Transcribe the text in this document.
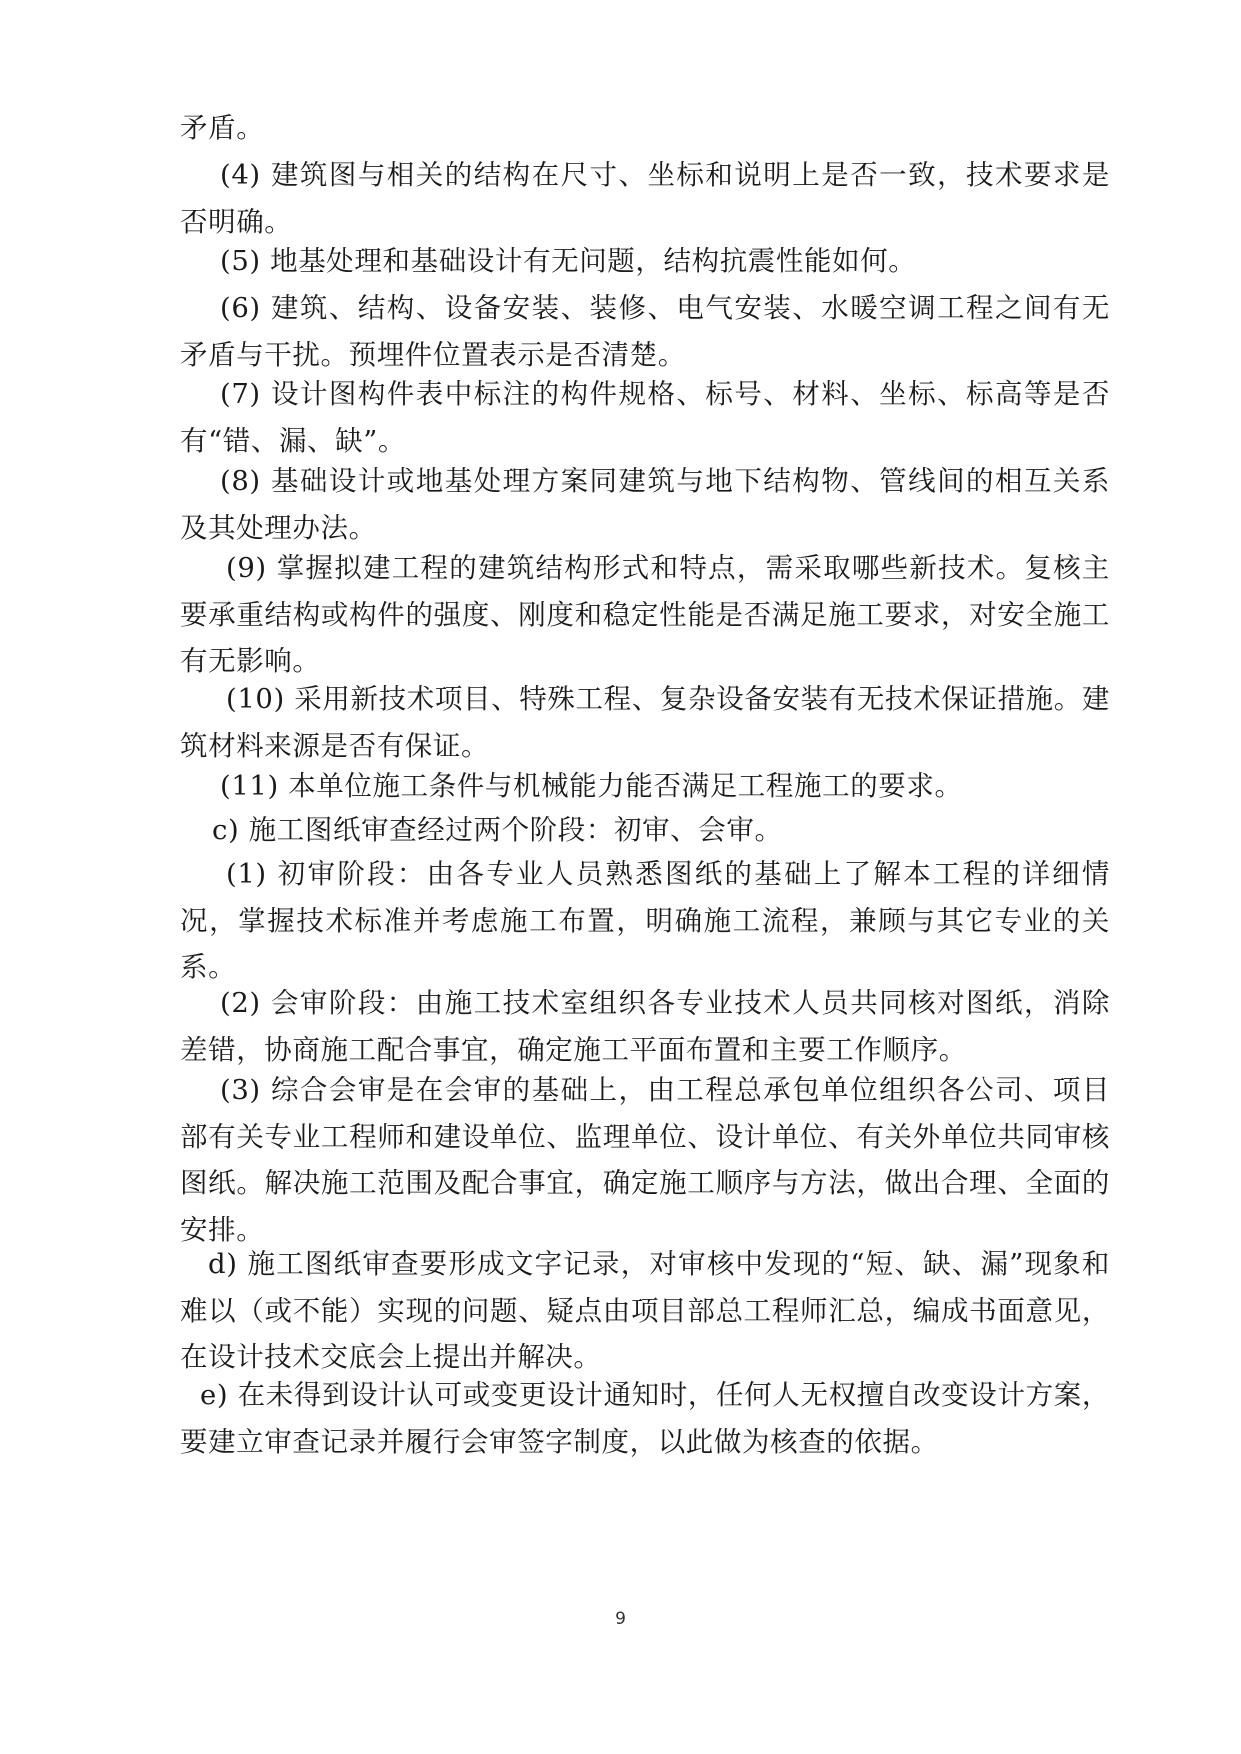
矛盾。

(4) 建筑图与相关的结构在尺寸、坐标和说明上是否一致，技术要求是否明确。

(5) 地基处理和基础设计有无问题，结构抗震性能如何。

(6) 建筑、结构、设备安装、装修、电气安装、水暖空调工程之间有无矛盾与干扰。预埋件位置表示是否清楚。

(7) 设计图构件表中标注的构件规格、标号、材料、坐标、标高等是否有“错、漏、缺”。

(8) 基础设计或地基处理方案同建筑与地下结构物、管线间的相互关系及其处理办法。

(9) 掌握拟建工程的建筑结构形式和特点，需采取哪些新技术。复核主要承重结构或构件的强度、刚度和稳定性能是否满足施工要求，对安全施工有无影响。

(10) 采用新技术项目、特殊工程、复杂设备安装有无技术保证措施。建筑材料来源是否有保证。

(11) 本单位施工条件与机械能力能否满足工程施工的要求。

c) 施工图纸审查经过两个阶段：初审、会审。

(1) 初审阶段：由各专业人员熟悉图纸的基础上了解本工程的详细情况，掌握技术标准并考虑施工布置，明确施工流程，兼顾与其它专业的关系。

(2) 会审阶段：由施工技术室组织各专业技术人员共同核对图纸，消除差错，协商施工配合事宜，确定施工平面布置和主要工作顺序。

(3) 综合会审是在会审的基础上，由工程总承包单位组织各公司、项目部有关专业工程师和建设单位、监理单位、设计单位、有关外单位共同审核图纸。解决施工范围及配合事宜，确定施工顺序与方法，做出合理、全面的安排。

d) 施工图纸审查要形成文字记录，对审核中发现的“短、缺、漏”现象和难以（或不能）实现的问题、疑点由项目部总工程师汇总，编成书面意见，在设计技术交底会上提出并解决。

e) 在未得到设计认可或变更设计通知时，任何人无权擅自改变设计方案，要建立审查记录并履行会审签字制度，以此做为核查的依据。

9
